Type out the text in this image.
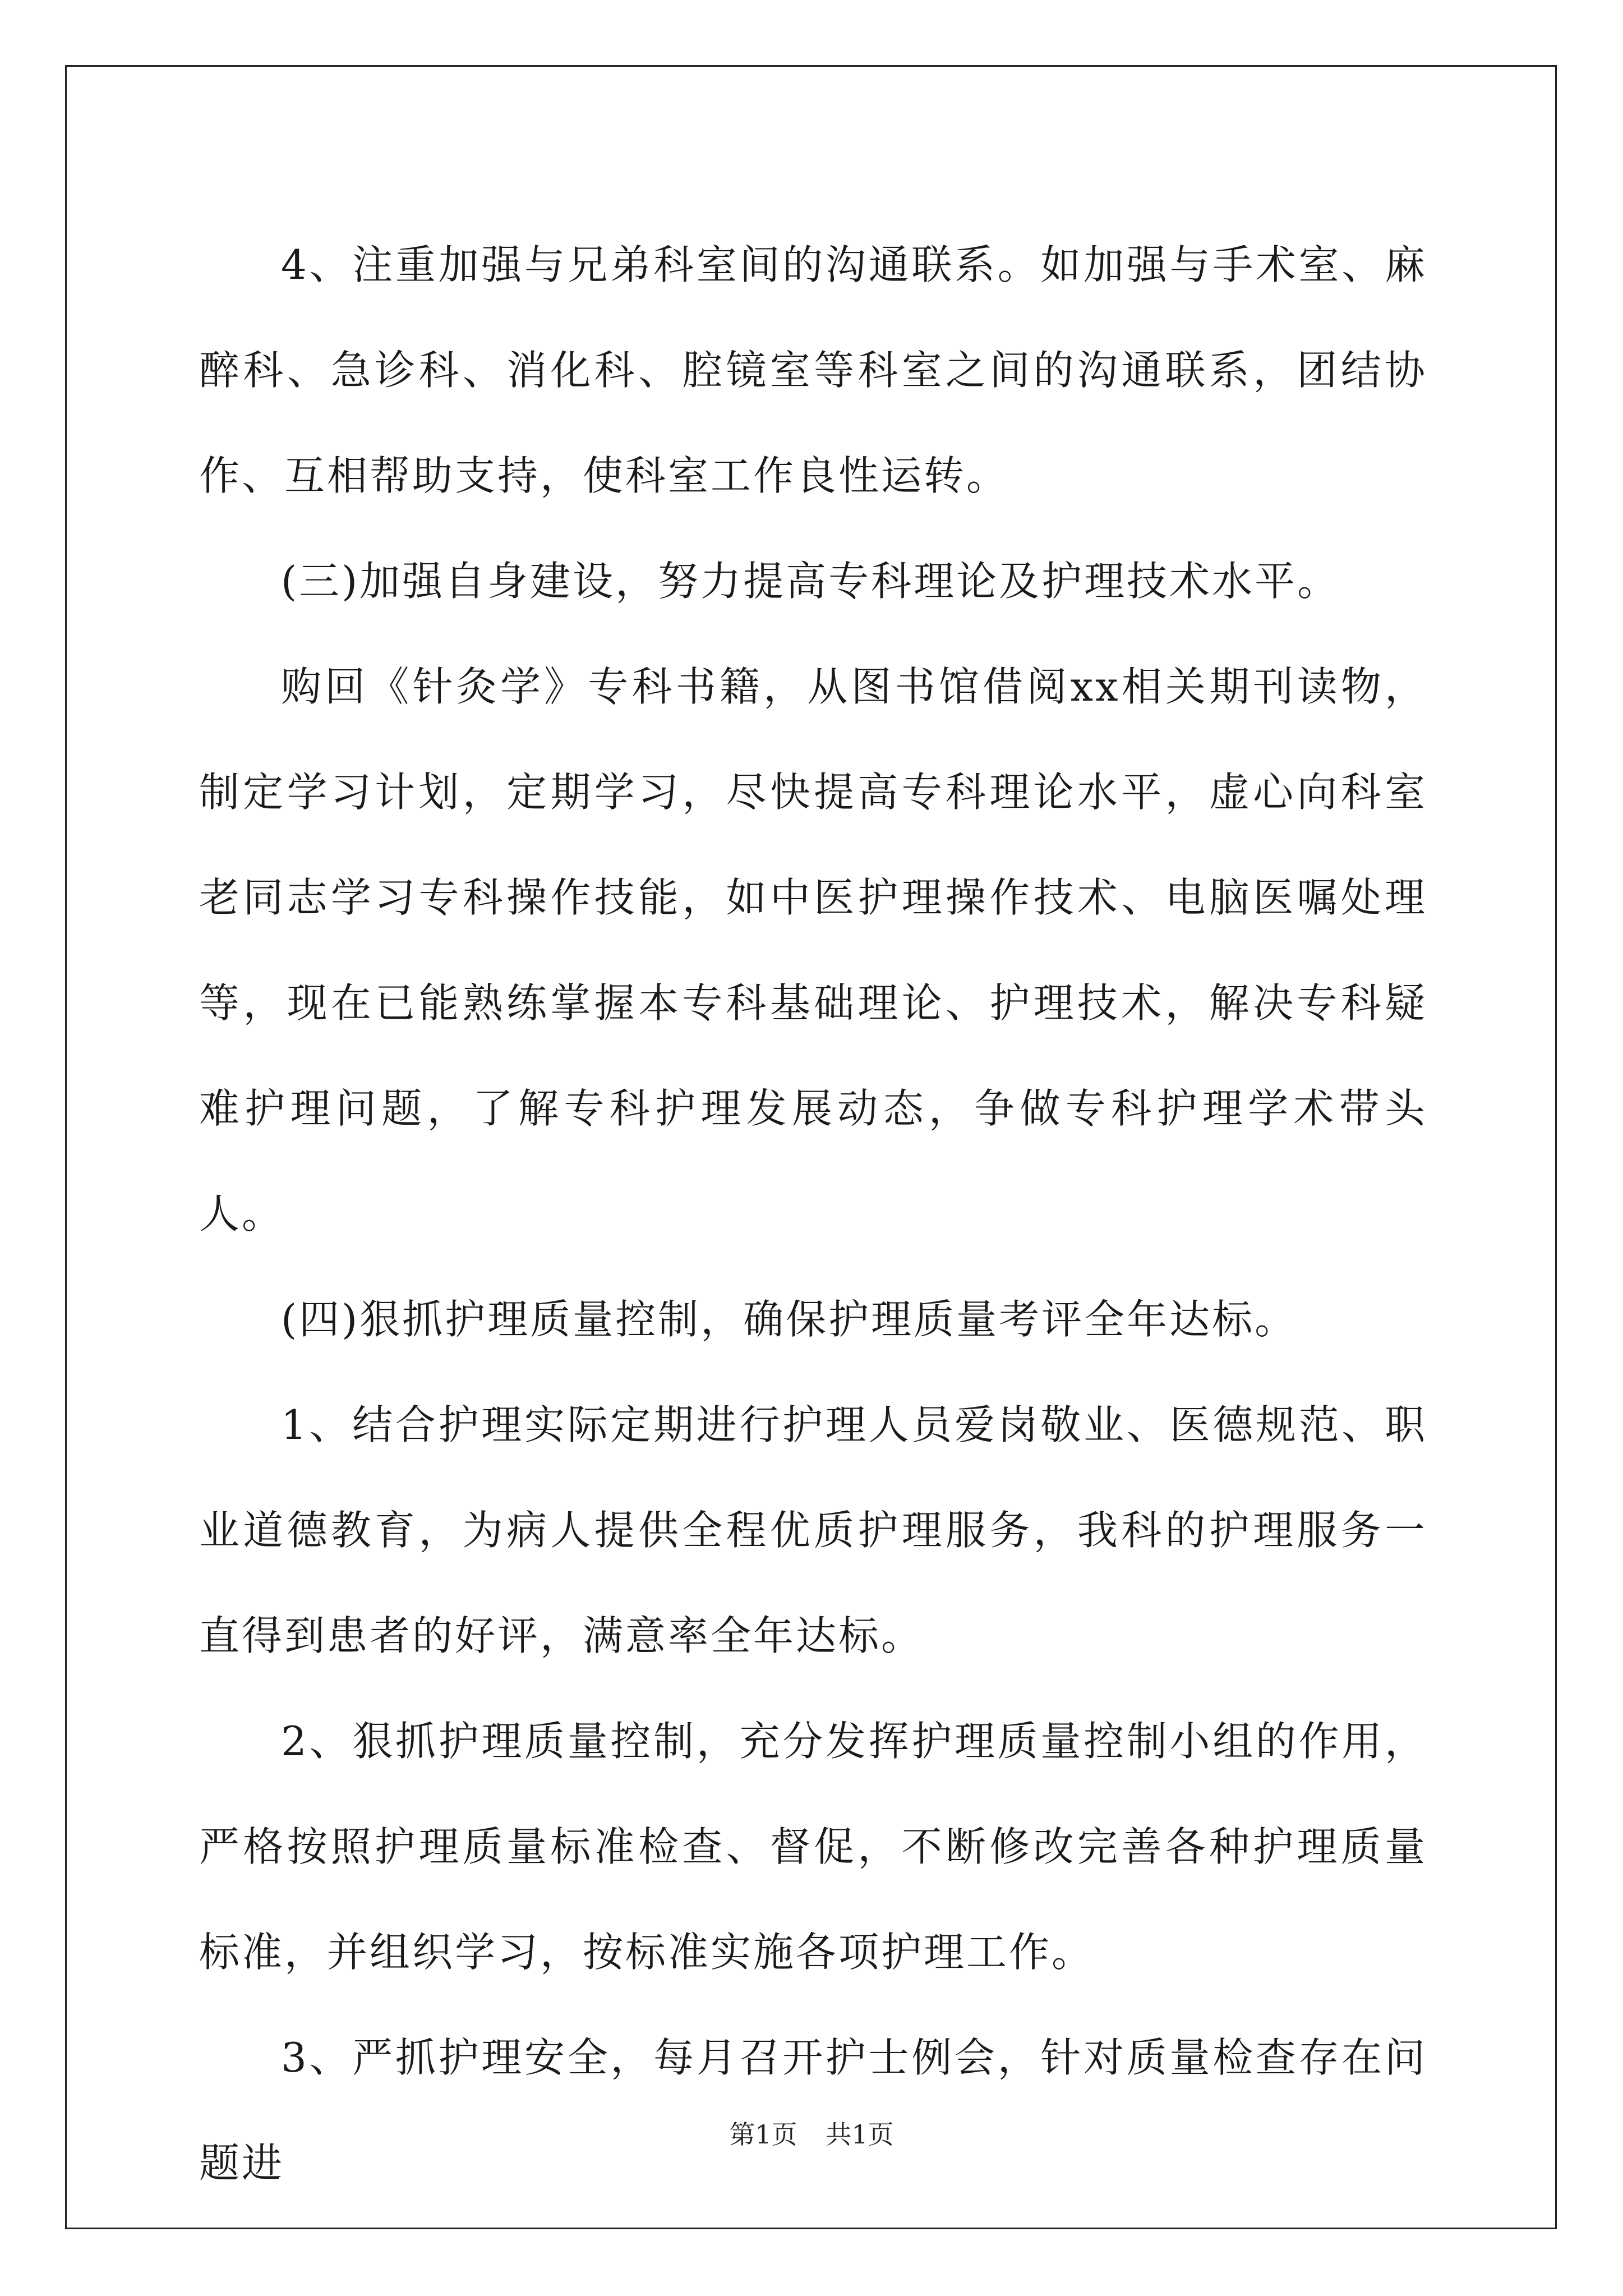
4、注重加强与兄弟科室间的沟通联系。如加强与手术室、麻醉科、急诊科、消化科、腔镜室等科室之间的沟通联系，团结协作、互相帮助支持，使科室工作良性运转。

(三)加强自身建设，努力提高专科理论及护理技术水平。

购回《针灸学》专科书籍，从图书馆借阅xx相关期刊读物，制定学习计划，定期学习，尽快提高专科理论水平，虚心向科室老同志学习专科操作技能，如中医护理操作技术、电脑医嘱处理等，现在已能熟练掌握本专科基础理论、护理技术，解决专科疑难护理问题，了解专科护理发展动态，争做专科护理学术带头人。

(四)狠抓护理质量控制，确保护理质量考评全年达标。

1、结合护理实际定期进行护理人员爱岗敬业、医德规范、职业道德教育，为病人提供全程优质护理服务，我科的护理服务一直得到患者的好评，满意率全年达标。

2、狠抓护理质量控制，充分发挥护理质量控制小组的作用，严格按照护理质量标准检查、督促，不断修改完善各种护理质量标准，并组织学习，按标准实施各项护理工作。

3、严抓护理安全，每月召开护士例会，针对质量检查存在问题进

第1页 共1页
